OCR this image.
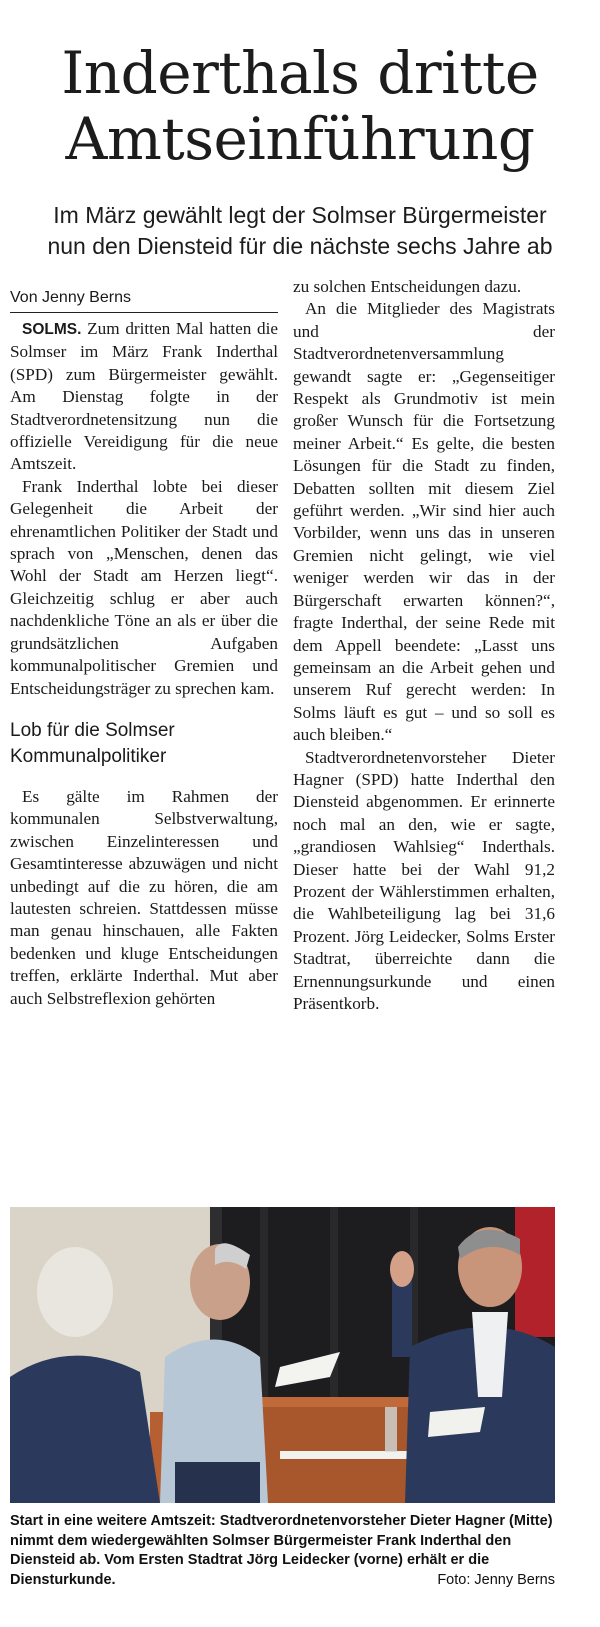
Inderthals dritte
Amtseinführung
Im März gewählt legt der Solmser Bürgermeister
nun den Diensteid für die nächste sechs Jahre ab
Von Jenny Berns

SOLMS. Zum dritten Mal hatten die Solmser im März Frank Inderthal (SPD) zum Bürgermeister gewählt. Am Dienstag folgte in der Stadtverordnetensitzung nun die offizielle Vereidigung für die neue Amtszeit.

Frank Inderthal lobte bei dieser Gelegenheit die Arbeit der ehrenamtlichen Politiker der Stadt und sprach von „Menschen, denen das Wohl der Stadt am Herzen liegt“. Gleichzeitig schlug er aber auch nachdenkliche Töne an als er über die grundsätzlichen Aufgaben kommunalpolitischer Gremien und Entscheidungsträger zu sprechen kam.

Lob für die Solmser
Kommunalpolitiker

Es gälte im Rahmen der kommunalen Selbstverwaltung, zwischen Einzelinteressen und Gesamtinteresse abzuwägen und nicht unbedingt auf die zu hören, die am lautesten schreien. Stattdessen müsse man genau hinschauen, alle Fakten bedenken und kluge Entscheidungen treffen, erklärte Inderthal. Mut aber auch Selbstreflexion gehörten

zu solchen Entscheidungen dazu.

An die Mitglieder des Magistrats und der Stadtverordnetenversammlung gewandt sagte er: „Gegenseitiger Respekt als Grundmotiv ist mein großer Wunsch für die Fortsetzung meiner Arbeit.“ Es gelte, die besten Lösungen für die Stadt zu finden, Debatten sollten mit diesem Ziel geführt werden. „Wir sind hier auch Vorbilder, wenn uns das in unseren Gremien nicht gelingt, wie viel weniger werden wir das in der Bürgerschaft erwarten können?“, fragte Inderthal, der seine Rede mit dem Appell beendete: „Lasst uns gemeinsam an die Arbeit gehen und unserem Ruf gerecht werden: In Solms läuft es gut – und so soll es auch bleiben.“

Stadtverordnetenvorsteher Dieter Hagner (SPD) hatte Inderthal den Diensteid abgenommen. Er erinnerte noch mal an den, wie er sagte, „grandiosen Wahlsieg“ Inderthals. Dieser hatte bei der Wahl 91,2 Prozent der Wählerstimmen erhalten, die Wahlbeteiligung lag bei 31,6 Prozent. Jörg Leidecker, Solms Erster Stadtrat, überreichte dann die Ernennungsurkunde und einen Präsentkorb.

Start in eine weitere Amtszeit: Stadtverordnetenvorsteher Dieter Hagner (Mitte) nimmt dem wiedergewählten Solmser Bürgermeister Frank Inderthal den Diensteid ab. Vom Ersten Stadtrat Jörg Leidecker (vorne) erhält er die Diensturkunde.	Foto: Jenny Berns
